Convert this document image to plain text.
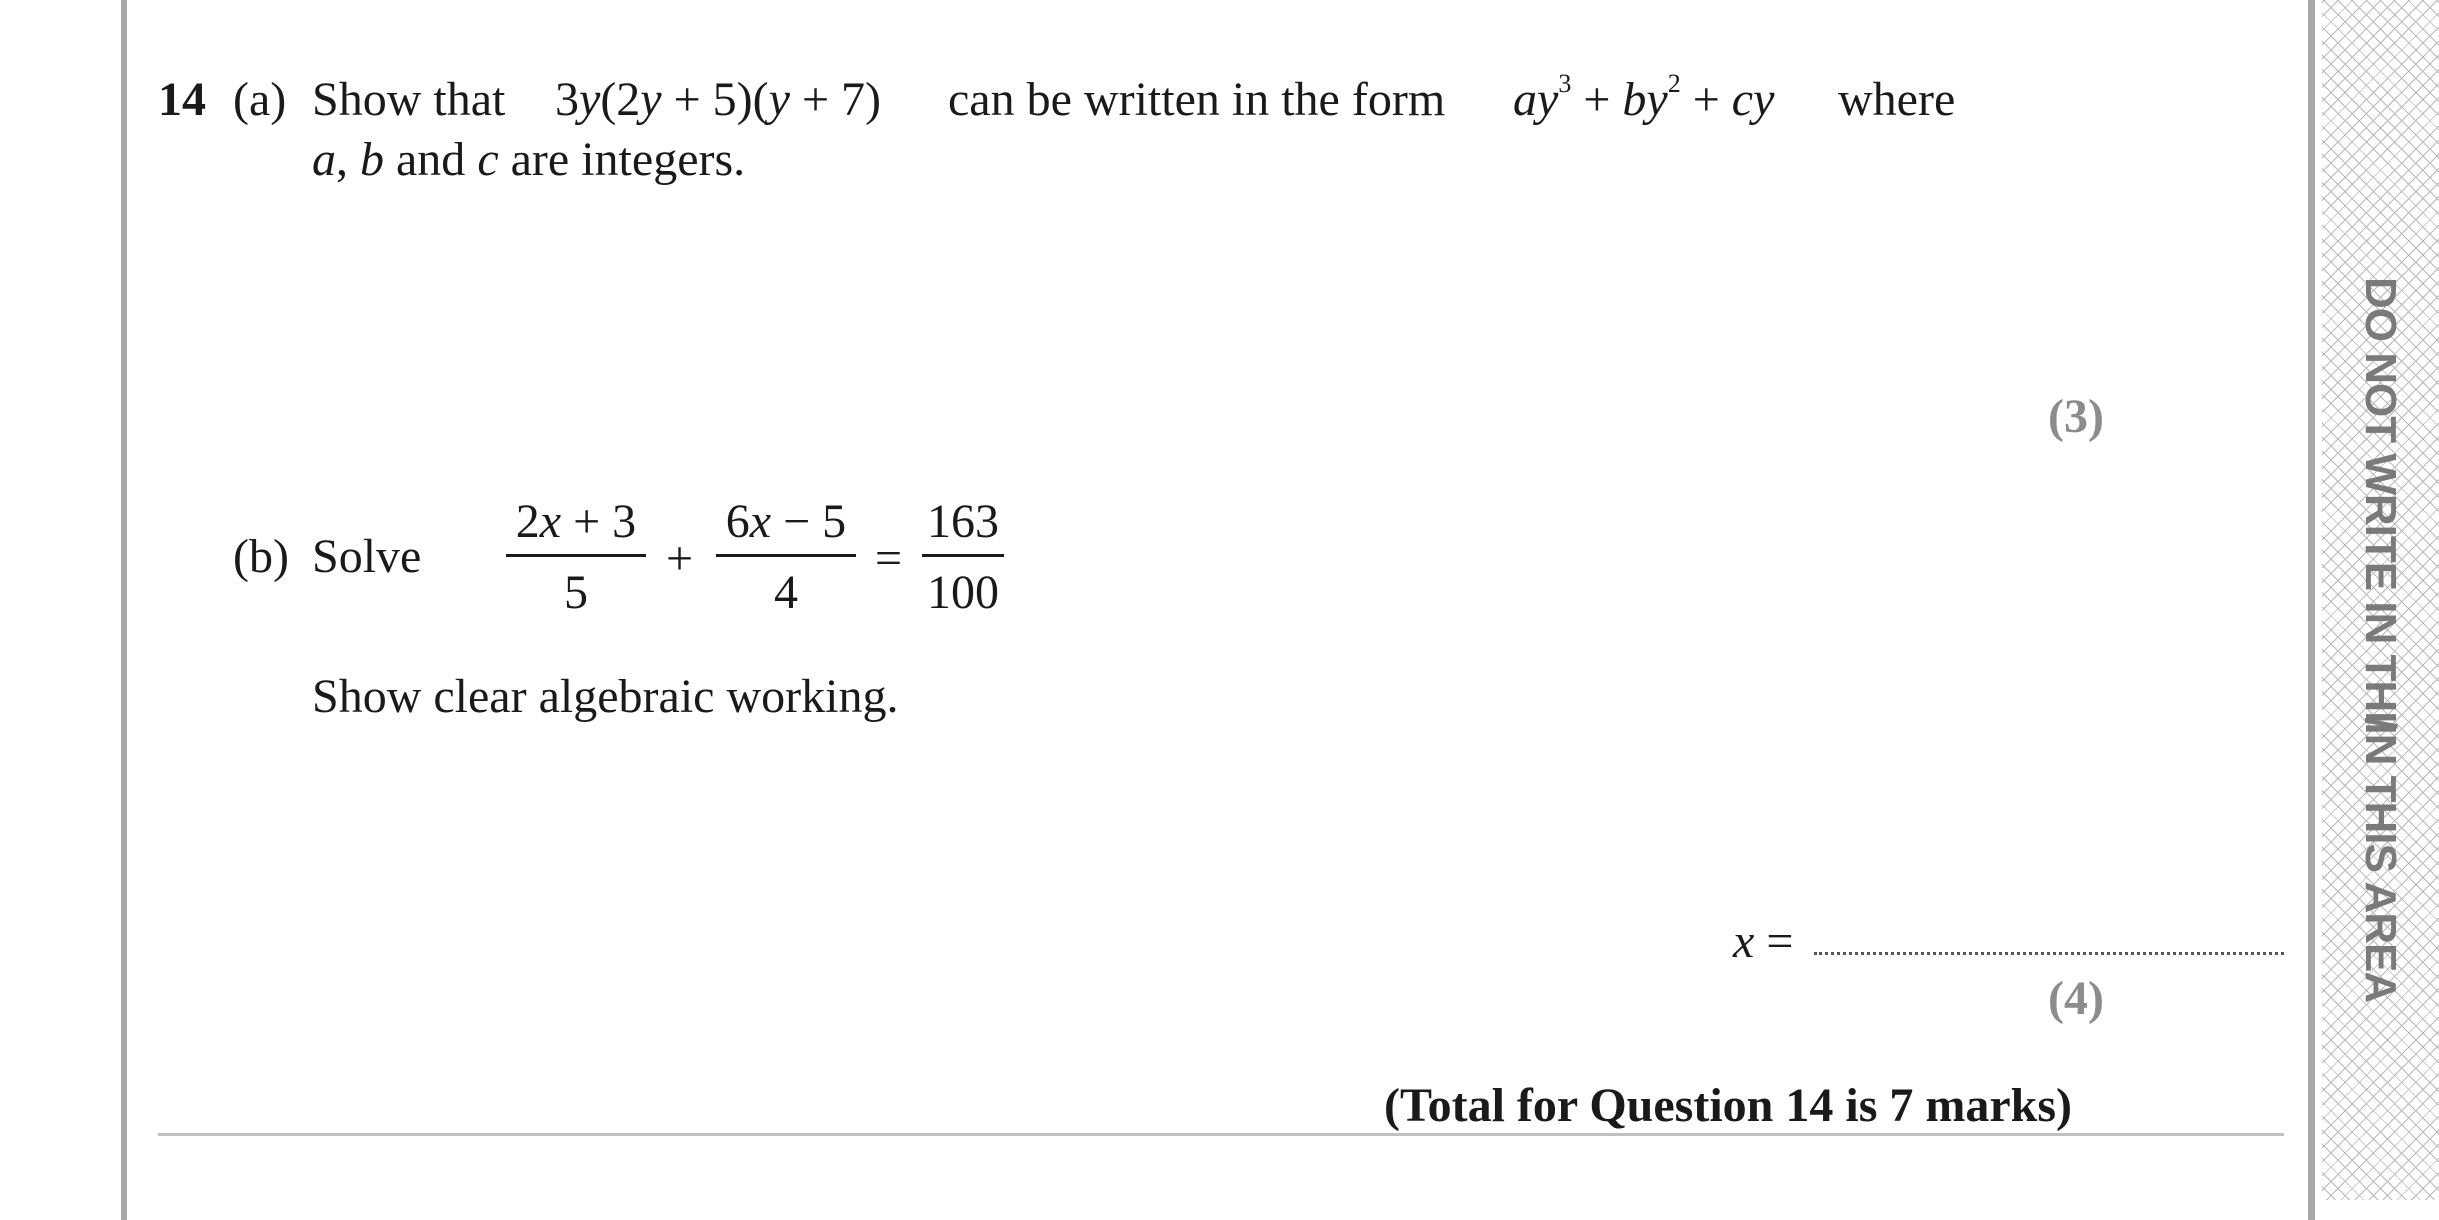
DO NOT WRITE IN THI̸IN THIS AREA
14 (a) Show that 3y(2y + 5)(y + 7) can be written in the form $ay^3 + by^2$ + cy where
a, b and c are integers.
(3)
(b) Solve $\frac{2x + 3}{5} + \frac{6x - 5}{4} = \frac{163}{100}$
Show clear algebraic working.
x =
(4)
(Total for Question 14 is 7 marks)
